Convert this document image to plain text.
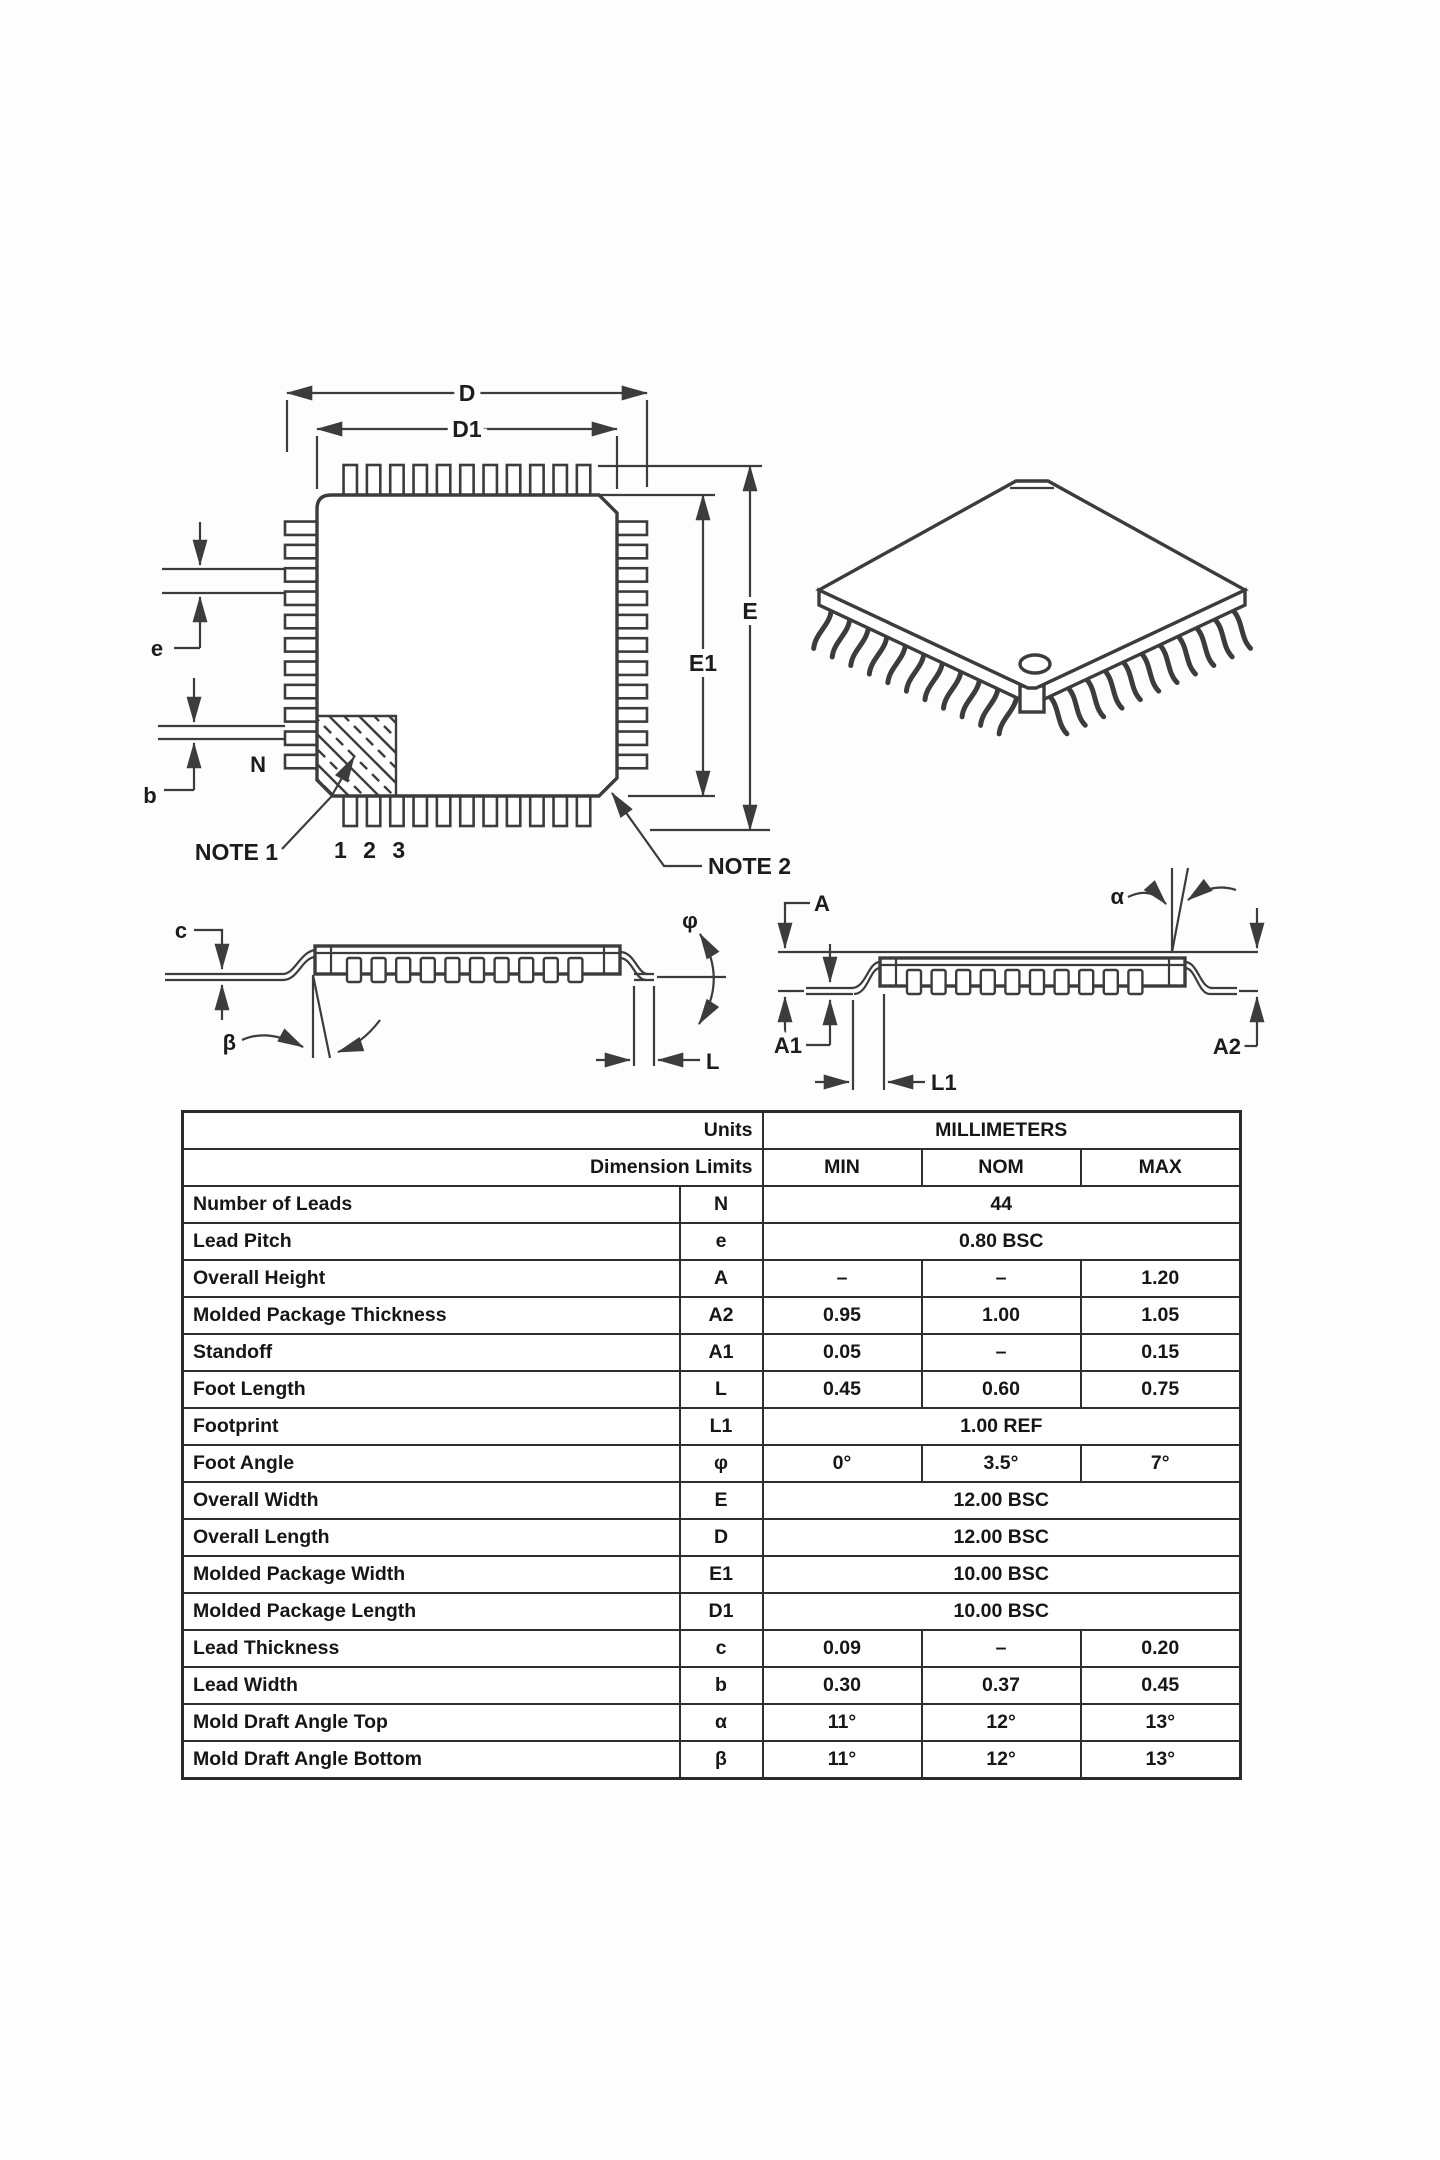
D
D1
E
E1
e
b
N
NOTE 1
NOTE 2
1 2 3
c
β
φ
L
A
A1
L1
α
A2
Units		MILLIMETERS		
Dimension Limits		MIN	NOM	MAX
Number of Leads	N	44		
Lead Pitch	e	0.80 BSC		
Overall Height	A	–	–	1.20
Molded Package Thickness	A2	0.95	1.00	1.05
Standoff	A1	0.05	–	0.15
Foot Length	L	0.45	0.60	0.75
Footprint	L1	1.00 REF		
Foot Angle	φ	0°	3.5°	7°
Overall Width	E	12.00 BSC		
Overall Length	D	12.00 BSC		
Molded Package Width	E1	10.00 BSC		
Molded Package Length	D1	10.00 BSC		
Lead Thickness	c	0.09	–	0.20
Lead Width	b	0.30	0.37	0.45
Mold Draft Angle Top	α	11°	12°	13°
Mold Draft Angle Bottom	β	11°	12°	13°
